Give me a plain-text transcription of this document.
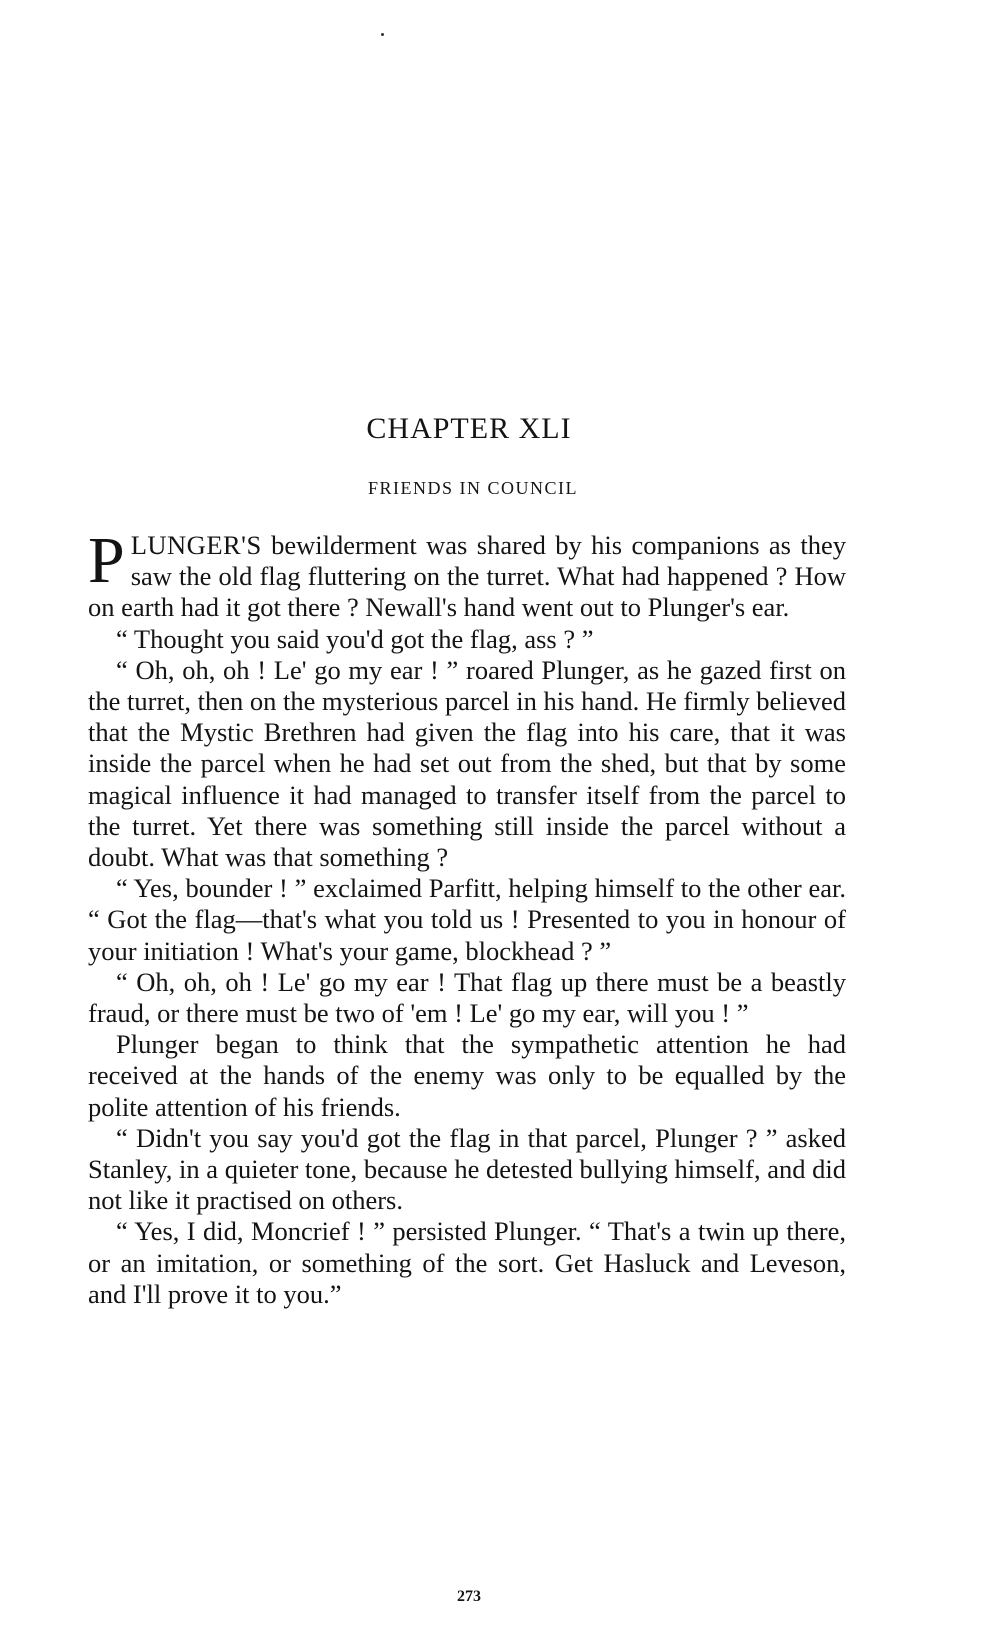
CHAPTER XLI
FRIENDS IN COUNCIL

PLUNGER'S bewilderment was shared by his companions as they saw the old flag fluttering on the turret. What had happened ? How on earth had it got there ? Newall's hand went out to Plunger's ear.

“ Thought you said you'd got the flag, ass ? ”

“ Oh, oh, oh ! Le' go my ear ! ” roared Plunger, as he gazed first on the turret, then on the mysterious parcel in his hand. He firmly believed that the Mystic Brethren had given the flag into his care, that it was inside the parcel when he had set out from the shed, but that by some magical influence it had managed to transfer itself from the parcel to the turret. Yet there was something still inside the parcel without a doubt. What was that something ?

“ Yes, bounder ! ” exclaimed Parfitt, helping himself to the other ear. “ Got the flag—that's what you told us ! Presented to you in honour of your initiation ! What's your game, blockhead ? ”

“ Oh, oh, oh ! Le' go my ear ! That flag up there must be a beastly fraud, or there must be two of 'em ! Le' go my ear, will you ! ”

Plunger began to think that the sympathetic attention he had received at the hands of the enemy was only to be equalled by the polite attention of his friends.

“ Didn't you say you'd got the flag in that parcel, Plunger ? ” asked Stanley, in a quieter tone, because he detested bullying himself, and did not like it practised on others.

“ Yes, I did, Moncrief ! ” persisted Plunger. “ That's a twin up there, or an imitation, or something of the sort. Get Hasluck and Leveson, and I'll prove it to you.”

273
